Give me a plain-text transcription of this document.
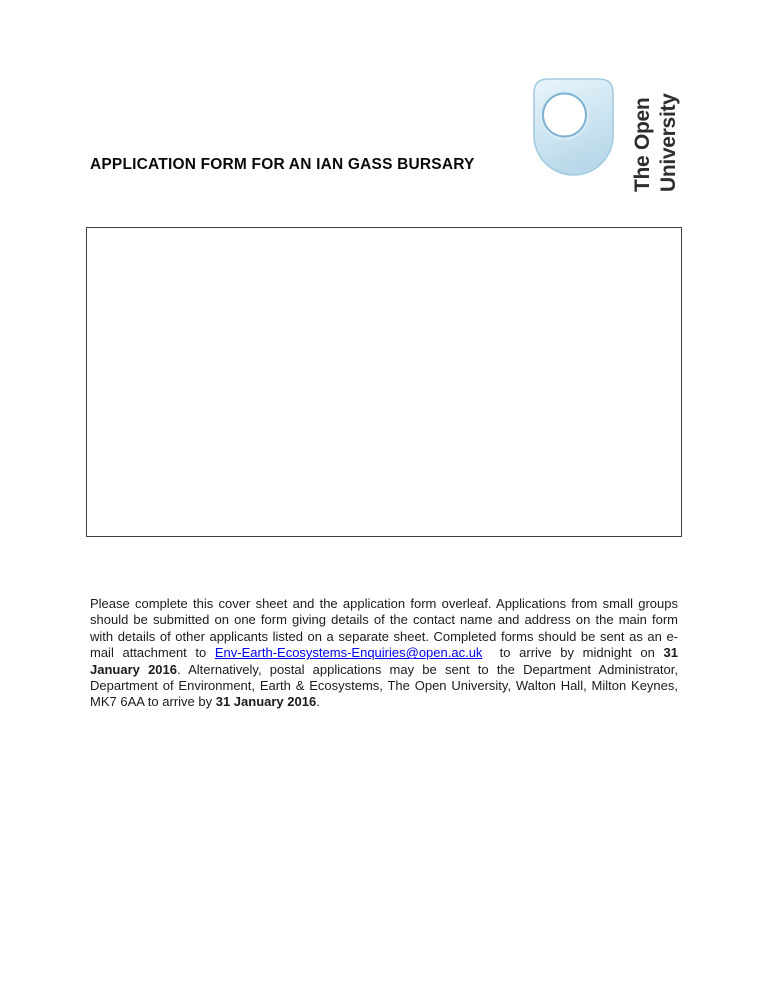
The Open University
APPLICATION FORM FOR AN IAN GASS BURSARY

Please complete this cover sheet and the application form overleaf. Applications from small groups should be submitted on one form giving details of the contact name and address on the main form with details of other applicants listed on a separate sheet. Completed forms should be sent as an e-mail attachment to Env-Earth-Ecosystems-Enquiries@open.ac.uk  to arrive by midnight on 31 January 2016. Alternatively, postal applications may be sent to the Department Administrator, Department of Environment, Earth & Ecosystems, The Open University, Walton Hall, Milton Keynes, MK7 6AA to arrive by 31 January 2016.
